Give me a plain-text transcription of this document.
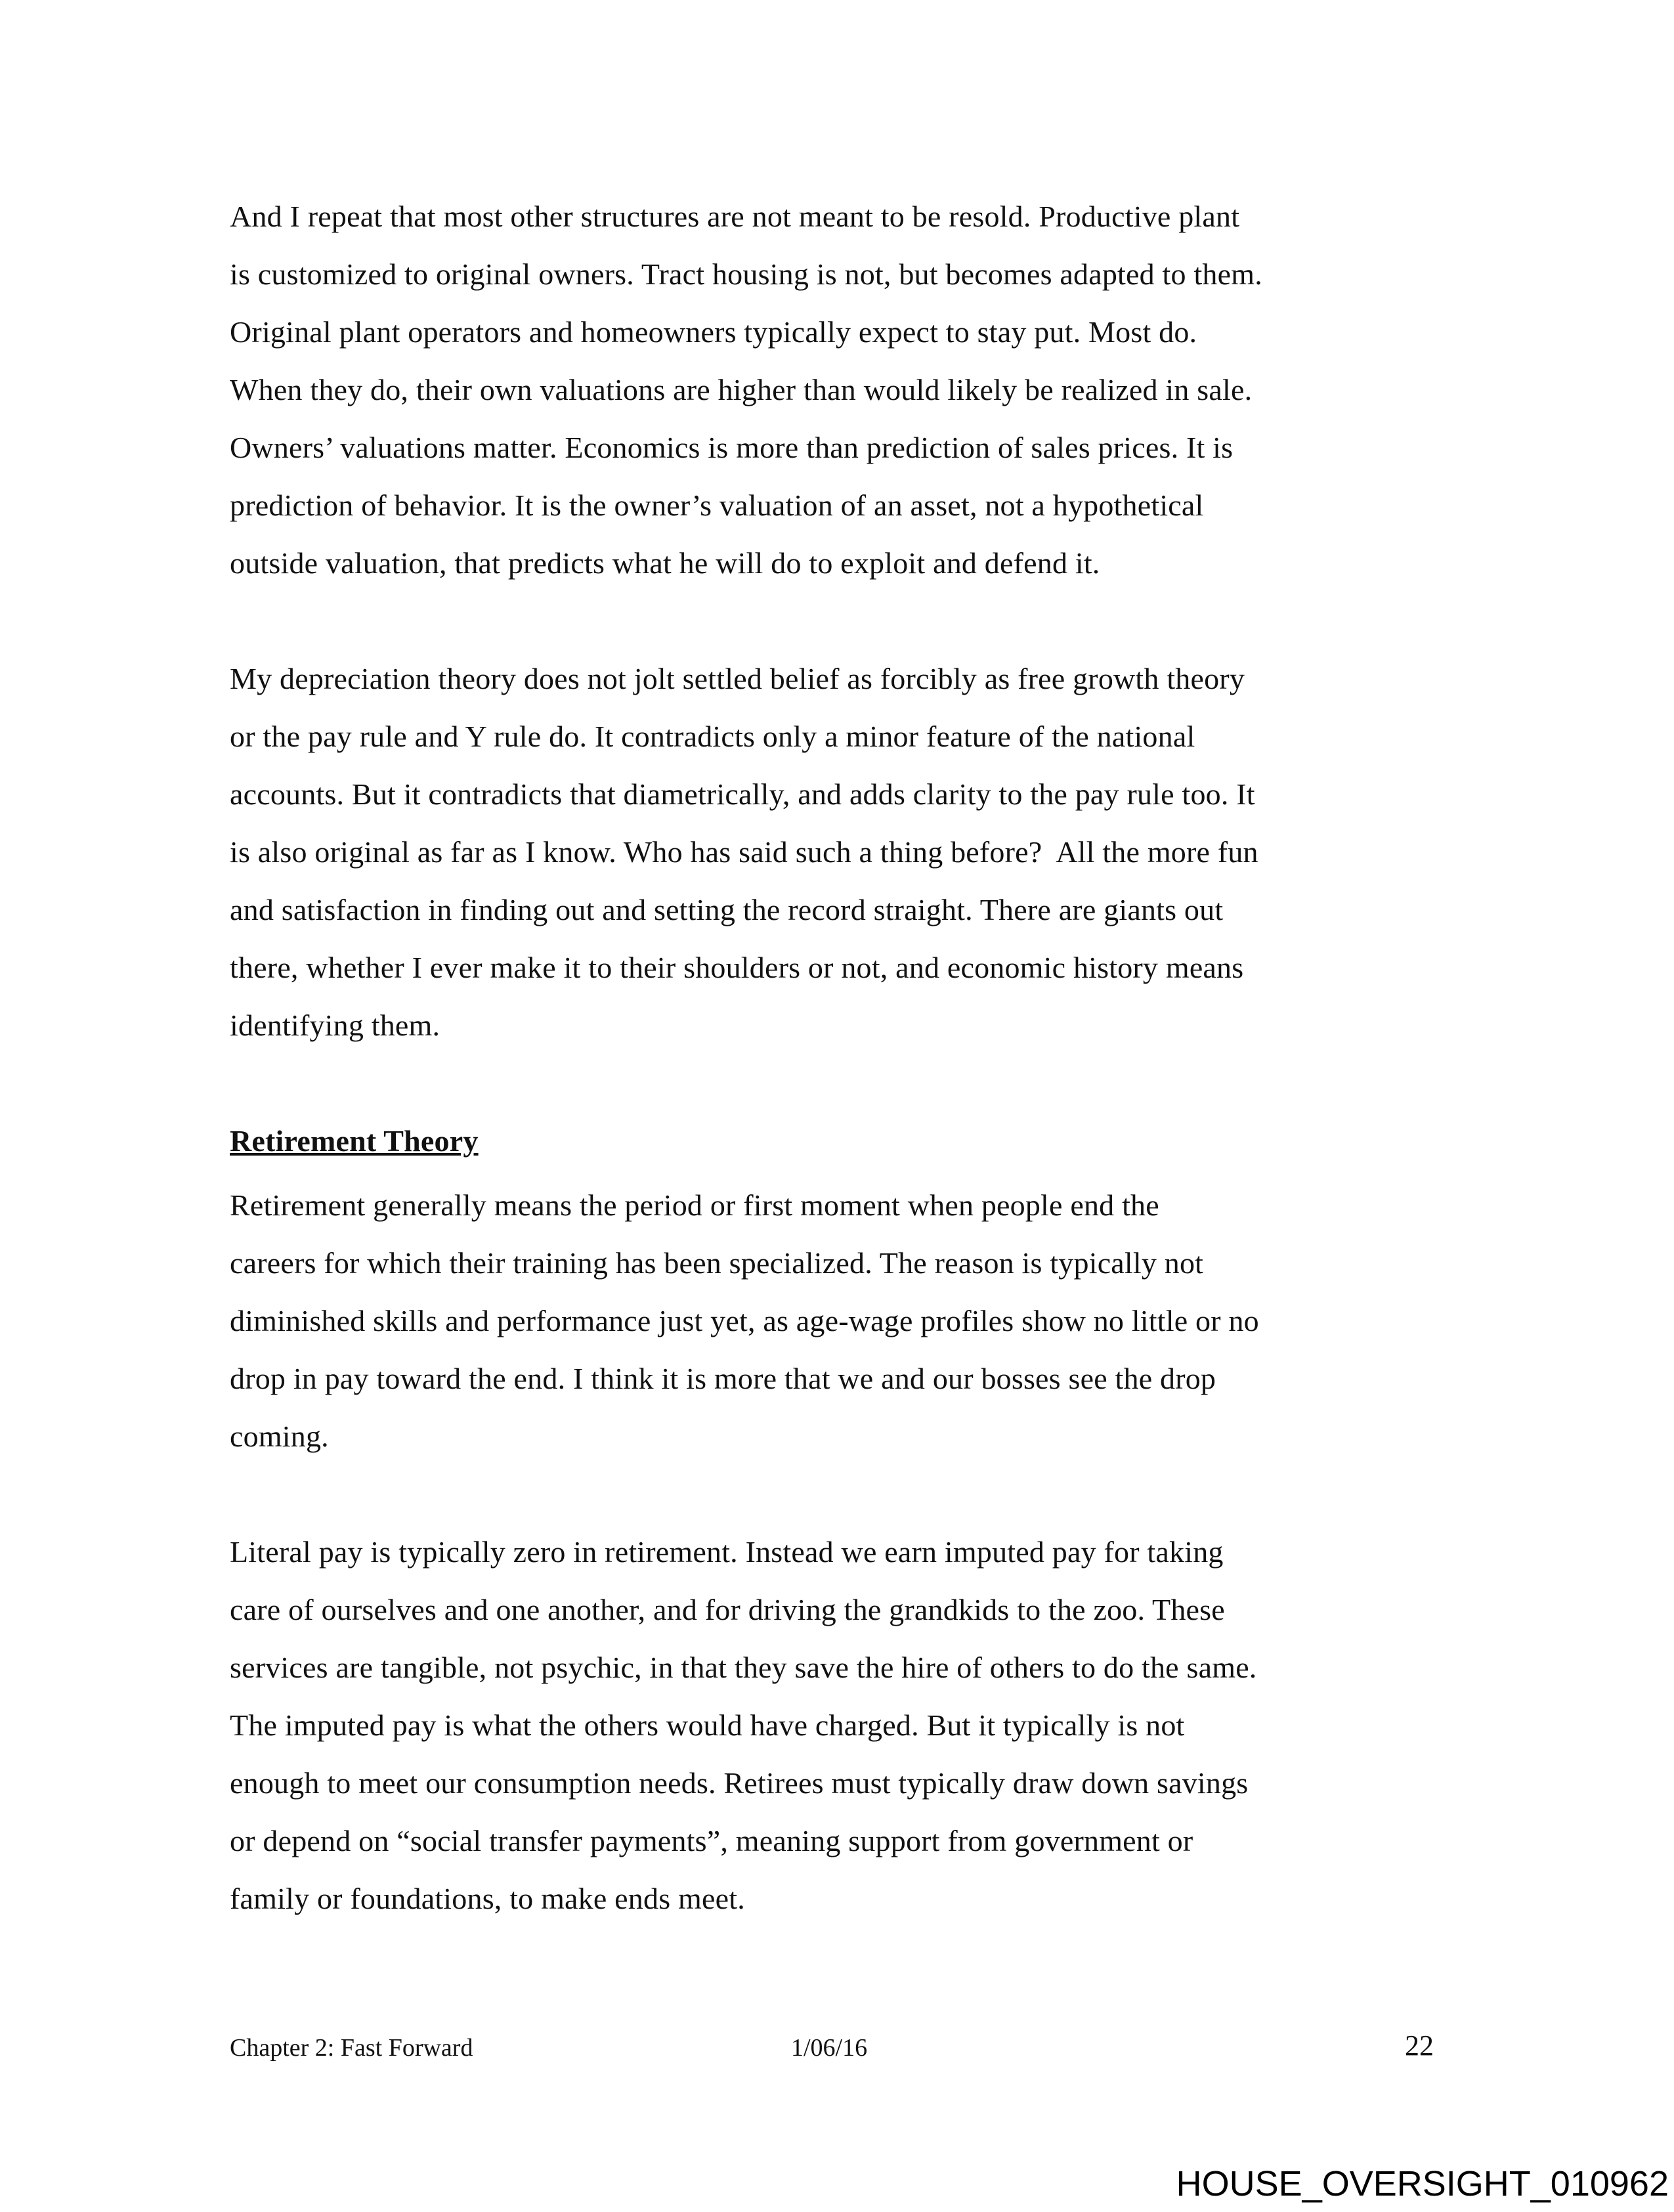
And I repeat that most other structures are not meant to be resold. Productive plant
is customized to original owners. Tract housing is not, but becomes adapted to them.
Original plant operators and homeowners typically expect to stay put. Most do.
When they do, their own valuations are higher than would likely be realized in sale.
Owners’ valuations matter. Economics is more than prediction of sales prices. It is
prediction of behavior. It is the owner’s valuation of an asset, not a hypothetical
outside valuation, that predicts what he will do to exploit and defend it.
My depreciation theory does not jolt settled belief as forcibly as free growth theory
or the pay rule and Y rule do. It contradicts only a minor feature of the national
accounts. But it contradicts that diametrically, and adds clarity to the pay rule too. It
is also original as far as I know. Who has said such a thing before?  All the more fun
and satisfaction in finding out and setting the record straight. There are giants out
there, whether I ever make it to their shoulders or not, and economic history means
identifying them.
Retirement Theory
Retirement generally means the period or first moment when people end the
careers for which their training has been specialized. The reason is typically not
diminished skills and performance just yet, as age-wage profiles show no little or no
drop in pay toward the end. I think it is more that we and our bosses see the drop
coming.
Literal pay is typically zero in retirement. Instead we earn imputed pay for taking
care of ourselves and one another, and for driving the grandkids to the zoo. These
services are tangible, not psychic, in that they save the hire of others to do the same.
The imputed pay is what the others would have charged. But it typically is not
enough to meet our consumption needs. Retirees must typically draw down savings
or depend on “social transfer payments”, meaning support from government or
family or foundations, to make ends meet.
Chapter 2: Fast Forward	1/06/16	22
HOUSE_OVERSIGHT_010962
